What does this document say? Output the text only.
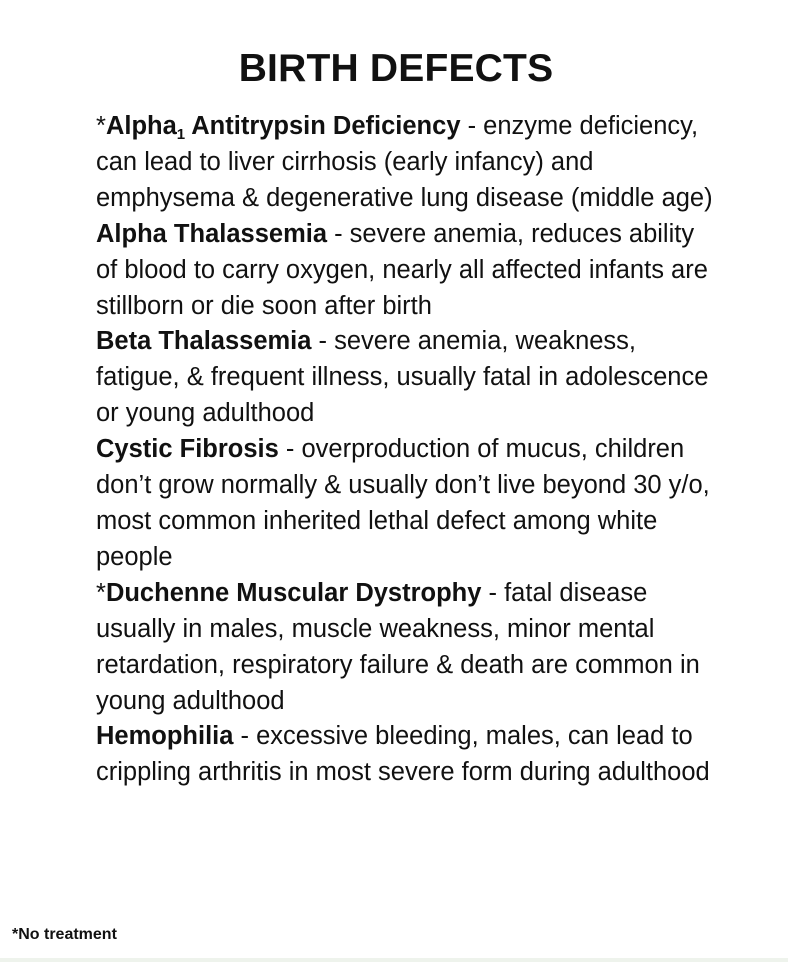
BIRTH DEFECTS

*Alpha1 Antitrypsin Deficiency - enzyme deficiency, can lead to liver cirrhosis (early infancy) and emphysema & degenerative lung disease (middle age)

Alpha Thalassemia - severe anemia, reduces ability of blood to carry oxygen, nearly all affected infants are stillborn or die soon after birth

Beta Thalassemia - severe anemia, weakness, fatigue, & frequent illness, usually fatal in adolescence or young adulthood

Cystic Fibrosis - overproduction of mucus, children don’t grow normally & usually don’t live beyond 30 y/o, most common inherited lethal defect among white people

*Duchenne Muscular Dystrophy - fatal disease usually in males, muscle weakness, minor mental retardation, respiratory failure & death are common in young adulthood

Hemophilia - excessive bleeding, males, can lead to crippling arthritis in most severe form during adulthood

*No treatment
